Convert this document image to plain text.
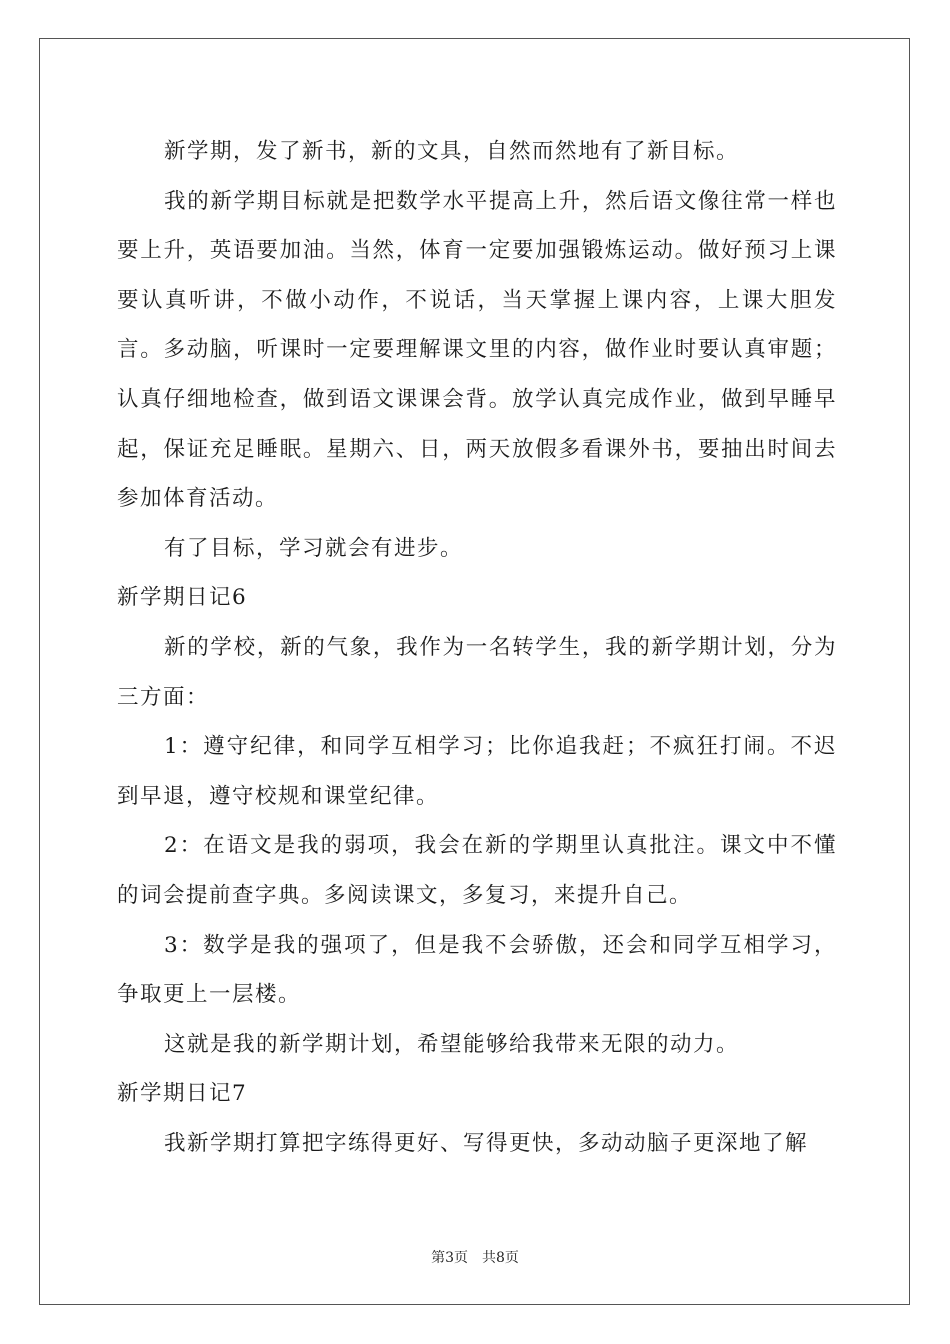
新学期，发了新书，新的文具，自然而然地有了新目标。

我的新学期目标就是把数学水平提高上升，然后语文像往常一样也要上升，英语要加油。当然，体育一定要加强锻炼运动。做好预习上课要认真听讲，不做小动作，不说话，当天掌握上课内容，上课大胆发言。多动脑，听课时一定要理解课文里的内容，做作业时要认真审题；认真仔细地检查，做到语文课课会背。放学认真完成作业，做到早睡早起，保证充足睡眠。星期六、日，两天放假多看课外书，要抽出时间去参加体育活动。

有了目标，学习就会有进步。

新学期日记6

新的学校，新的气象，我作为一名转学生，我的新学期计划，分为三方面：

1：遵守纪律，和同学互相学习；比你追我赶；不疯狂打闹。不迟到早退，遵守校规和课堂纪律。

2：在语文是我的弱项，我会在新的学期里认真批注。课文中不懂的词会提前查字典。多阅读课文，多复习，来提升自己。

3：数学是我的强项了，但是我不会骄傲，还会和同学互相学习，争取更上一层楼。

这就是我的新学期计划，希望能够给我带来无限的动力。

新学期日记7

我新学期打算把字练得更好、写得更快，多动动脑子更深地了解

第3页 共8页
